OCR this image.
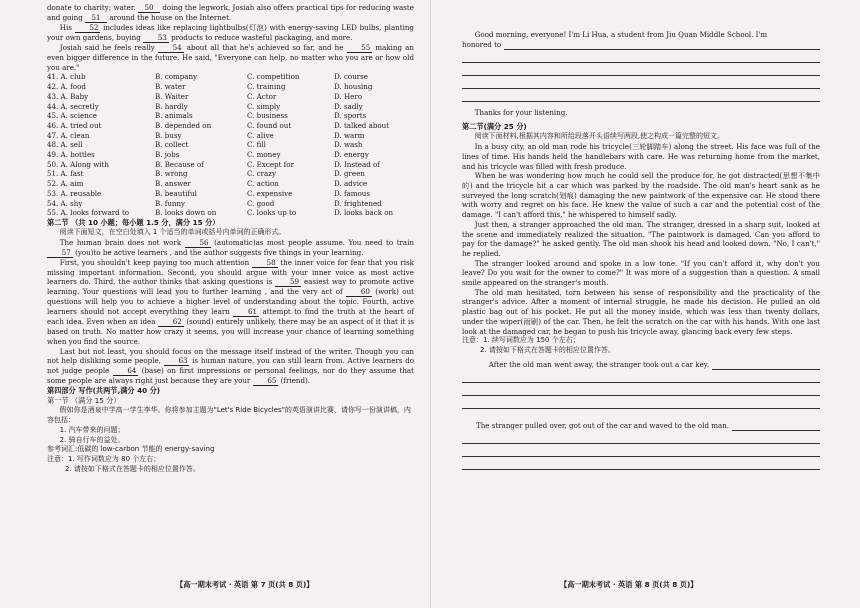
donate to charity; water. 50 doing the legwork, Josiah also offers practical tips for reducing waste and going 51 around the house on the Internet.

His 52 includes ideas like replacing lightbulbs(灯泡) with energy-saving LED bulbs, planting your own gardens, buying 53 products to reduce wasteful packaging, and more.

Josiah said he feels really	54 about all that he's achieved so far, and he	55 making an even bigger difference in the future. He said, "Everyone can help, no matter who you are or how old you are."

41. A. club	B. company	C. competition	D. course
42. A. food	B. water	C. training	D. housing
43. A. Baby	B. Waiter	C. Actor	D. Hero
44. A. secretly	B. hardly	C. simply	D. sadly
45. A. science	B. animals	C. business	D. sports
46. A. tried out	B. depended on	C. found out	D. talked about
47. A. clean	B. busy	C. alive	D. warm
48. A. sell	B. collect	C. fill	D. wash
49. A. bottles	B. jobs	C. money	D. energy
50. A. Along with	B. Because of	C. Except for	D. Instead of
51. A. fast	B. wrong	C. crazy	D. green
52. A. aim	B. answer	C. action	D. advice
53. A. reusable	B. beautiful	C. expensive	D. famous
54. A. shy	B. funny	C. good	D. frightened
55. A. looks forward to	B. looks down on	C. looks up to	D. looks back on
第二节 （共 10 小题；每小题 1.5 分，满分 15 分）
阅读下面短文，在空白处填入 1 个适当的单词或括号内单词的正确形式。

The human brain does not work	56 (automatic)as most people assume. You need to train 57 (you)to be active learners , and the author suggests five things in your learning.

First, you shouldn't keep paying too much attention 58 the inner voice for fear that you risk missing important information. Second, you should argue with your inner voice as most active learners do. Third, the author thinks that asking questions is 59 easiest way to promote active learning. Your questions will lead you to further learning , and the very act of	60 (work) out questions will help you to achieve a higher level of understanding about the topic. Fourth, active learners should not accept everything they learn	61 attempt to find the truth at the heart of each idea. Even when an idea 62 (sound) entirely unlikely, there may be an aspect of it that it is based on truth. No matter how crazy it seems, you will increase your chance of learning something when you find the source.

Last but not least, you should focus on the message itself instead of the writer. Though you can not help disliking some people, 63 is human nature, you can still learn from. Active learners do not judge people	64 (base) on first impressions or personal feelings, nor do they assume that some people are always right just because they are your 65 (friend).

第四部分 写作(共两节,满分 40 分)
第一节 （满分 15 分）
假如你是酒泉中学高一学生李华。你将参加主题为"Let's Ride Bicycles"的英语演讲比赛，请你写一份演讲稿，内容包括：
1. 汽车带来的问题；
2. 骑自行车的益处。
参考词汇:低碳的 low-carbon 节能的 energy-saving
注意：1. 写作词数应为 80 个左右；
2. 请按如下格式在答题卡的相应位置作答。
【高一期末考试 · 英语 第 7 页(共 8 页)】
Good morning, everyone! I'm Li Hua, a student from Jiu Quan Middle School. I'm
honored to
Thanks for your listening.
第二节(满分 25 分)
阅读下面材料,根据其内容和所给段落开头语续写两段,使之构成一篇完整的短文。

In a busy city, an old man rode his tricycle(三轮脚踏车) along the street. His face was full of the lines of time. His hands held the handlebars with care. He was returning home from the market, and his tricycle was filled with fresh produce.

When he was wondering how much he could sell the produce for, he got distracted(思想不集中的) and the tricycle hit a car which was parked by the roadside. The old man's heart sank as he surveyed the long scratch(划痕) damaging the new paintwork of the expensive car. He stood there with worry and regret on his face. He knew the value of such a car and the potential cost of the damage. "I can't afford this," he whispered to himself sadly.

Just then, a stranger approached the old man. The stranger, dressed in a sharp suit, looked at the scene and immediately realized the situation. "The paintwork is damaged. Can you afford to pay for the damage?" he asked gently. The old man shook his head and looked down. "No, I can't," he replied.

The stranger looked around and spoke in a low tone. "If you can't afford it, why don't you leave? Do you wait for the owner to come?" It was more of a suggestion than a question. A small smile appeared on the stranger's mouth.

The old man hesitated, torn between his sense of responsibility and the practicality of the stranger's advice. After a moment of internal struggle, he made his decision. He pulled an old plastic bag out of his pocket. He put all the money inside, which was less than twenty dollars, under the wiper(雨刷) of the car. Then, he felt the scratch on the car with his hands. With one last look at the damaged car, he began to push his tricycle away, glancing back every few steps.

注意：1. 续写词数应为 150 个左右；
2. 请按如下格式在答题卡的相应位置作答。
After the old man went away, the stranger took out a car key.
The stranger pulled over, got out of the car and waved to the old man.
【高一期末考试 · 英语 第 8 页(共 8 页)】
